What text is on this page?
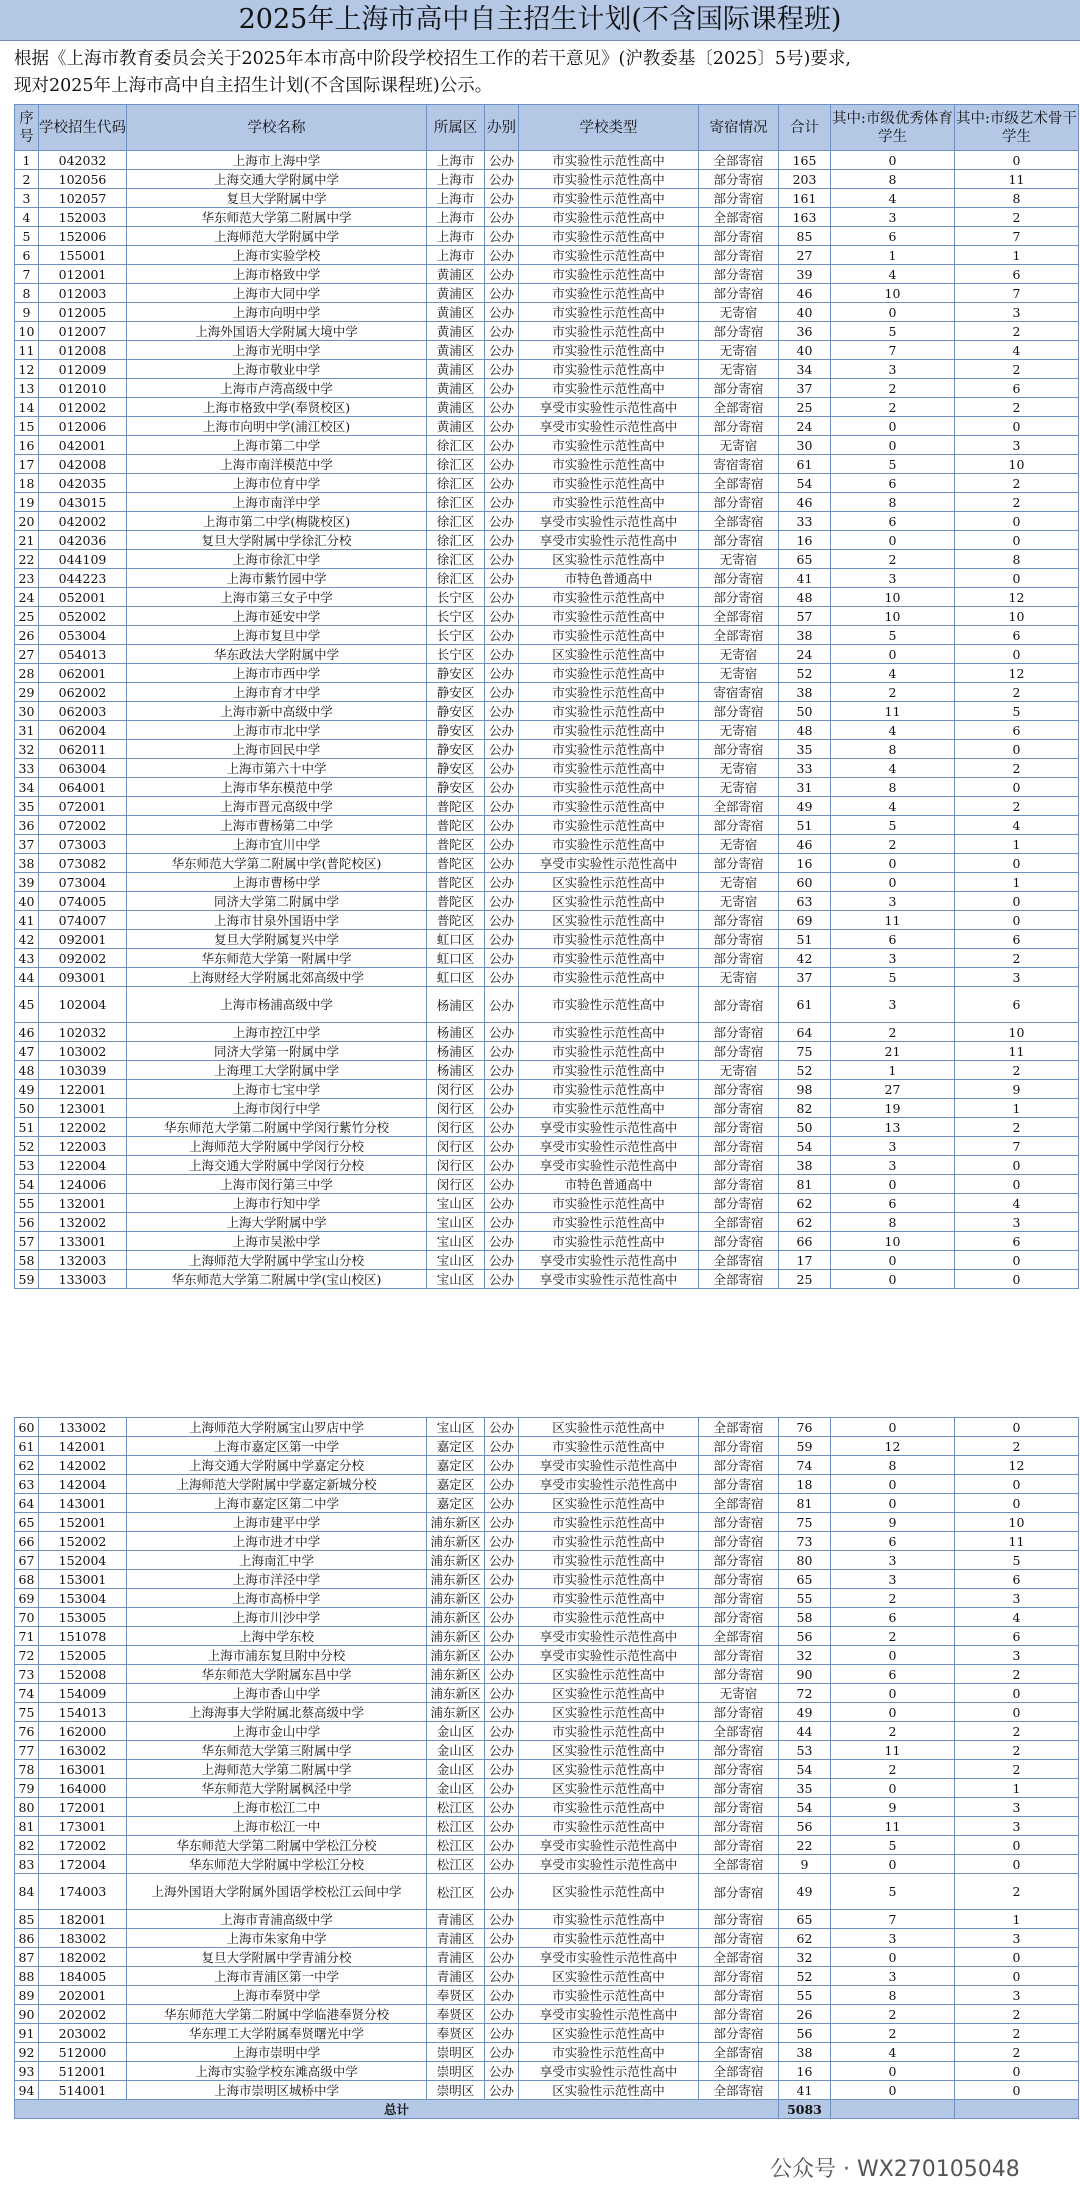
2025年上海市高中自主招生计划(不含国际课程班)
根据《上海市教育委员会关于2025年本市高中阶段学校招生工作的若干意见》(沪教委基〔2025〕5号)要求,
现对2025年上海市高中自主招生计划(不含国际课程班)公示。
序号	学校招生代码	学校名称	所属区	办别	学校类型	寄宿情况	合计	其中:市级优秀体育学生	其中:市级艺术骨干学生
1	042032	上海市上海中学	上海市	公办	市实验性示范性高中	全部寄宿	165	0	0
2	102056	上海交通大学附属中学	上海市	公办	市实验性示范性高中	部分寄宿	203	8	11
3	102057	复旦大学附属中学	上海市	公办	市实验性示范性高中	部分寄宿	161	4	8
4	152003	华东师范大学第二附属中学	上海市	公办	市实验性示范性高中	全部寄宿	163	3	2
5	152006	上海师范大学附属中学	上海市	公办	市实验性示范性高中	部分寄宿	85	6	7
6	155001	上海市实验学校	上海市	公办	市实验性示范性高中	部分寄宿	27	1	1
7	012001	上海市格致中学	黄浦区	公办	市实验性示范性高中	部分寄宿	39	4	6
8	012003	上海市大同中学	黄浦区	公办	市实验性示范性高中	部分寄宿	46	10	7
9	012005	上海市向明中学	黄浦区	公办	市实验性示范性高中	无寄宿	40	0	3
10	012007	上海外国语大学附属大境中学	黄浦区	公办	市实验性示范性高中	部分寄宿	36	5	2
11	012008	上海市光明中学	黄浦区	公办	市实验性示范性高中	无寄宿	40	7	4
12	012009	上海市敬业中学	黄浦区	公办	市实验性示范性高中	无寄宿	34	3	2
13	012010	上海市卢湾高级中学	黄浦区	公办	市实验性示范性高中	部分寄宿	37	2	6
14	012002	上海市格致中学(奉贤校区)	黄浦区	公办	享受市实验性示范性高中	全部寄宿	25	2	2
15	012006	上海市向明中学(浦江校区)	黄浦区	公办	享受市实验性示范性高中	部分寄宿	24	0	0
16	042001	上海市第二中学	徐汇区	公办	市实验性示范性高中	无寄宿	30	0	3
17	042008	上海市南洋模范中学	徐汇区	公办	市实验性示范性高中	寄宿寄宿	61	5	10
18	042035	上海市位育中学	徐汇区	公办	市实验性示范性高中	全部寄宿	54	6	2
19	043015	上海市南洋中学	徐汇区	公办	市实验性示范性高中	部分寄宿	46	8	2
20	042002	上海市第二中学(梅陇校区)	徐汇区	公办	享受市实验性示范性高中	全部寄宿	33	6	0
21	042036	复旦大学附属中学徐汇分校	徐汇区	公办	享受市实验性示范性高中	部分寄宿	16	0	0
22	044109	上海市徐汇中学	徐汇区	公办	区实验性示范性高中	无寄宿	65	2	8
23	044223	上海市紫竹园中学	徐汇区	公办	市特色普通高中	部分寄宿	41	3	0
24	052001	上海市第三女子中学	长宁区	公办	市实验性示范性高中	部分寄宿	48	10	12
25	052002	上海市延安中学	长宁区	公办	市实验性示范性高中	全部寄宿	57	10	10
26	053004	上海市复旦中学	长宁区	公办	市实验性示范性高中	全部寄宿	38	5	6
27	054013	华东政法大学附属中学	长宁区	公办	区实验性示范性高中	无寄宿	24	0	0
28	062001	上海市市西中学	静安区	公办	市实验性示范性高中	无寄宿	52	4	12
29	062002	上海市育才中学	静安区	公办	市实验性示范性高中	寄宿寄宿	38	2	2
30	062003	上海市新中高级中学	静安区	公办	市实验性示范性高中	部分寄宿	50	11	5
31	062004	上海市市北中学	静安区	公办	市实验性示范性高中	无寄宿	48	4	6
32	062011	上海市回民中学	静安区	公办	市实验性示范性高中	部分寄宿	35	8	0
33	063004	上海市第六十中学	静安区	公办	市实验性示范性高中	无寄宿	33	4	2
34	064001	上海市华东模范中学	静安区	公办	市实验性示范性高中	无寄宿	31	8	0
35	072001	上海市晋元高级中学	普陀区	公办	市实验性示范性高中	全部寄宿	49	4	2
36	072002	上海市曹杨第二中学	普陀区	公办	市实验性示范性高中	部分寄宿	51	5	4
37	073003	上海市宜川中学	普陀区	公办	市实验性示范性高中	无寄宿	46	2	1
38	073082	华东师范大学第二附属中学(普陀校区)	普陀区	公办	享受市实验性示范性高中	部分寄宿	16	0	0
39	073004	上海市曹杨中学	普陀区	公办	区实验性示范性高中	无寄宿	60	0	1
40	074005	同济大学第二附属中学	普陀区	公办	区实验性示范性高中	无寄宿	63	3	0
41	074007	上海市甘泉外国语中学	普陀区	公办	区实验性示范性高中	部分寄宿	69	11	0
42	092001	复旦大学附属复兴中学	虹口区	公办	市实验性示范性高中	部分寄宿	51	6	6
43	092002	华东师范大学第一附属中学	虹口区	公办	市实验性示范性高中	部分寄宿	42	3	2
44	093001	上海财经大学附属北郊高级中学	虹口区	公办	市实验性示范性高中	无寄宿	37	5	3
45	102004	上海市杨浦高级中学	杨浦区	公办	市实验性示范性高中	部分寄宿	61	3	6
46	102032	上海市控江中学	杨浦区	公办	市实验性示范性高中	部分寄宿	64	2	10
47	103002	同济大学第一附属中学	杨浦区	公办	市实验性示范性高中	部分寄宿	75	21	11
48	103039	上海理工大学附属中学	杨浦区	公办	市实验性示范性高中	无寄宿	52	1	2
49	122001	上海市七宝中学	闵行区	公办	市实验性示范性高中	部分寄宿	98	27	9
50	123001	上海市闵行中学	闵行区	公办	市实验性示范性高中	部分寄宿	82	19	1
51	122002	华东师范大学第二附属中学闵行紫竹分校	闵行区	公办	享受市实验性示范性高中	部分寄宿	50	13	2
52	122003	上海师范大学附属中学闵行分校	闵行区	公办	享受市实验性示范性高中	部分寄宿	54	3	7
53	122004	上海交通大学附属中学闵行分校	闵行区	公办	享受市实验性示范性高中	部分寄宿	38	3	0
54	124006	上海市闵行第三中学	闵行区	公办	市特色普通高中	部分寄宿	81	0	0
55	132001	上海市行知中学	宝山区	公办	市实验性示范性高中	部分寄宿	62	6	4
56	132002	上海大学附属中学	宝山区	公办	市实验性示范性高中	全部寄宿	62	8	3
57	133001	上海市吴淞中学	宝山区	公办	市实验性示范性高中	部分寄宿	66	10	6
58	132003	上海师范大学附属中学宝山分校	宝山区	公办	享受市实验性示范性高中	全部寄宿	17	0	0
59	133003	华东师范大学第二附属中学(宝山校区)	宝山区	公办	享受市实验性示范性高中	全部寄宿	25	0	0
60	133002	上海师范大学附属宝山罗店中学	宝山区	公办	区实验性示范性高中	全部寄宿	76	0	0
61	142001	上海市嘉定区第一中学	嘉定区	公办	市实验性示范性高中	部分寄宿	59	12	2
62	142002	上海交通大学附属中学嘉定分校	嘉定区	公办	享受市实验性示范性高中	部分寄宿	74	8	12
63	142004	上海师范大学附属中学嘉定新城分校	嘉定区	公办	享受市实验性示范性高中	部分寄宿	18	0	0
64	143001	上海市嘉定区第二中学	嘉定区	公办	区实验性示范性高中	全部寄宿	81	0	0
65	152001	上海市建平中学	浦东新区	公办	市实验性示范性高中	部分寄宿	75	9	10
66	152002	上海市进才中学	浦东新区	公办	市实验性示范性高中	部分寄宿	73	6	11
67	152004	上海南汇中学	浦东新区	公办	市实验性示范性高中	部分寄宿	80	3	5
68	153001	上海市洋泾中学	浦东新区	公办	市实验性示范性高中	部分寄宿	65	3	6
69	153004	上海市高桥中学	浦东新区	公办	市实验性示范性高中	部分寄宿	55	2	3
70	153005	上海市川沙中学	浦东新区	公办	市实验性示范性高中	部分寄宿	58	6	4
71	151078	上海中学东校	浦东新区	公办	享受市实验性示范性高中	全部寄宿	56	2	6
72	152005	上海市浦东复旦附中分校	浦东新区	公办	享受市实验性示范性高中	部分寄宿	32	0	3
73	152008	华东师范大学附属东昌中学	浦东新区	公办	区实验性示范性高中	部分寄宿	90	6	2
74	154009	上海市香山中学	浦东新区	公办	区实验性示范性高中	无寄宿	72	0	0
75	154013	上海海事大学附属北蔡高级中学	浦东新区	公办	区实验性示范性高中	部分寄宿	49	0	0
76	162000	上海市金山中学	金山区	公办	市实验性示范性高中	全部寄宿	44	2	2
77	163002	华东师范大学第三附属中学	金山区	公办	区实验性示范性高中	部分寄宿	53	11	2
78	163001	上海师范大学第二附属中学	金山区	公办	区实验性示范性高中	部分寄宿	54	2	2
79	164000	华东师范大学附属枫泾中学	金山区	公办	区实验性示范性高中	部分寄宿	35	0	1
80	172001	上海市松江二中	松江区	公办	市实验性示范性高中	部分寄宿	54	9	3
81	173001	上海市松江一中	松江区	公办	市实验性示范性高中	部分寄宿	56	11	3
82	172002	华东师范大学第二附属中学松江分校	松江区	公办	享受市实验性示范性高中	部分寄宿	22	5	0
83	172004	华东师范大学附属中学松江分校	松江区	公办	享受市实验性示范性高中	全部寄宿	9	0	0
84	174003	上海外国语大学附属外国语学校松江云间中学	松江区	公办	区实验性示范性高中	部分寄宿	49	5	2
85	182001	上海市青浦高级中学	青浦区	公办	市实验性示范性高中	部分寄宿	65	7	1
86	183002	上海市朱家角中学	青浦区	公办	市实验性示范性高中	部分寄宿	62	3	3
87	182002	复旦大学附属中学青浦分校	青浦区	公办	享受市实验性示范性高中	全部寄宿	32	0	0
88	184005	上海市青浦区第一中学	青浦区	公办	区实验性示范性高中	部分寄宿	52	3	0
89	202001	上海市奉贤中学	奉贤区	公办	市实验性示范性高中	部分寄宿	55	8	3
90	202002	华东师范大学第二附属中学临港奉贤分校	奉贤区	公办	享受市实验性示范性高中	部分寄宿	26	2	2
91	203002	华东理工大学附属奉贤曙光中学	奉贤区	公办	区实验性示范性高中	部分寄宿	56	2	2
92	512000	上海市崇明中学	崇明区	公办	市实验性示范性高中	全部寄宿	38	4	2
93	512001	上海市实验学校东滩高级中学	崇明区	公办	享受市实验性示范性高中	全部寄宿	16	0	0
94	514001	上海市崇明区城桥中学	崇明区	公办	区实验性示范性高中	全部寄宿	41	0	0
总计							5083		
公众号 · WX270105048
